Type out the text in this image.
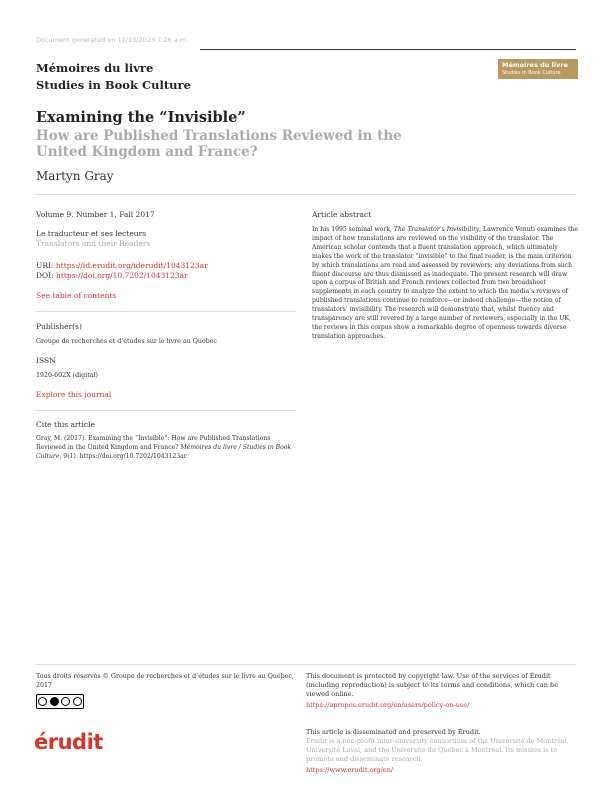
Document generated on 11/23/2023 7:26 a.m.
Mémoires du livre
Studies in Book Culture
Mémoires du livre
Studies in Book Culture
Examining the “Invisible”
How are Published Translations Reviewed in the United Kingdom and France?
Martyn Gray
Volume 9, Number 1, Fall 2017
Le traducteur et ses lecteurs
Translators and their Readers
URI: https://id.erudit.org/iderudit/1043123ar
DOI: https://doi.org/10.7202/1043123ar
See table of contents
Publisher(s)
Groupe de recherches et d’études sur le livre au Québec
ISSN
1920-602X (digital)
Explore this journal
Cite this article
Gray, M. (2017). Examining the “Invisible”: How are Published Translations Reviewed in the United Kingdom and France? Mémoires du livre / Studies in Book Culture, 9(1). https://doi.org/10.7202/1043123ar
Article abstract
In his 1995 seminal work, The Translator’s Invisibility, Lawrence Venuti examines the impact of how translations are reviewed on the visibility of the translator. The American scholar contends that a fluent translation approach, which ultimately makes the work of the translator “invisible” to the final reader, is the main criterion by which translations are read and assessed by reviewers; any deviations from such fluent discourse are thus dismissed as inadequate. The present research will draw upon a corpus of British and French reviews collected from two broadsheet supplements in each country to analyze the extent to which the media’s reviews of published translations continue to reinforce—or indeed challenge—the notion of translators’ invisibility. The research will demonstrate that, whilst fluency and transparency are still revered by a large number of reviewers, especially in the UK, the reviews in this corpus show a remarkable degree of openness towards diverse translation approaches.
Tous droits réservés © Groupe de recherches et d’études sur le livre au Québec, 2017
This document is protected by copyright law. Use of the services of Érudit (including reproduction) is subject to its terms and conditions, which can be viewed online.
https://apropos.erudit.org/en/users/policy-on-use/
érudit	This article is disseminated and preserved by Érudit.
Érudit is a non-profit inter-university consortium of the Université de Montréal, Université Laval, and the Université du Québec à Montréal. Its mission is to promote and disseminate research.
https://www.erudit.org/en/
